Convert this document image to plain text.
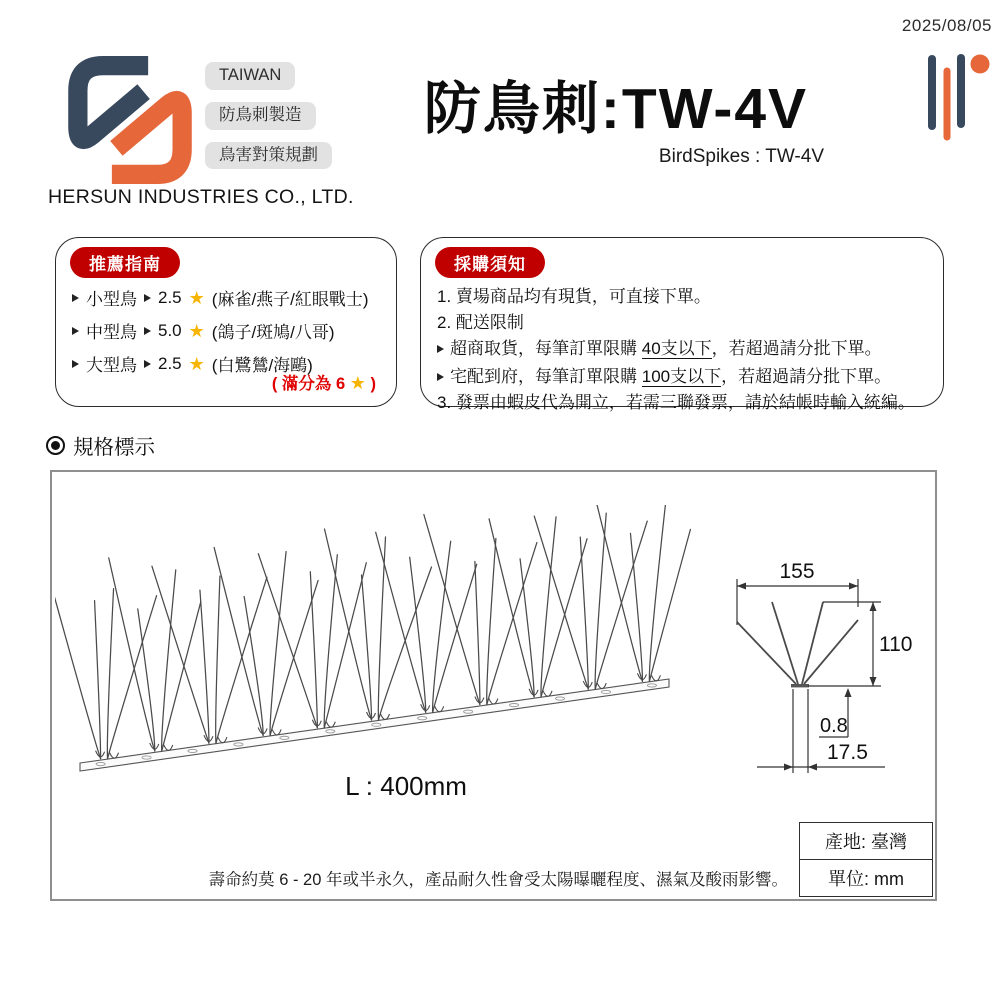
2025/08/05
TAIWAN
防鳥刺製造
鳥害對策規劃
HERSUN INDUSTRIES CO., LTD.
防鳥刺:TW-4V
BirdSpikes : TW-4V
推薦指南
小型鳥 2.5 ★ (麻雀/燕子/紅眼戰士)
中型鳥 5.0 ★ (鴿子/斑鳩/八哥)
大型鳥 2.5 ★ (白鷺鷥/海鷗)
( 滿分為 6 ★ )
採購須知
1. 賣場商品均有現貨，可直接下單。
2. 配送限制
超商取貨，每筆訂單限購 40支以下，若超過請分批下單。
宅配到府，每筆訂單限購 100支以下，若超過請分批下單。
3. 發票由蝦皮代為開立，若需三聯發票，請於結帳時輸入統編。
規格標示
L : 400mm
155
110
0.8
17.5
產地: 臺灣
單位: mm
壽命約莫 6 - 20 年或半永久，產品耐久性會受太陽曝曬程度、濕氣及酸雨影響。
